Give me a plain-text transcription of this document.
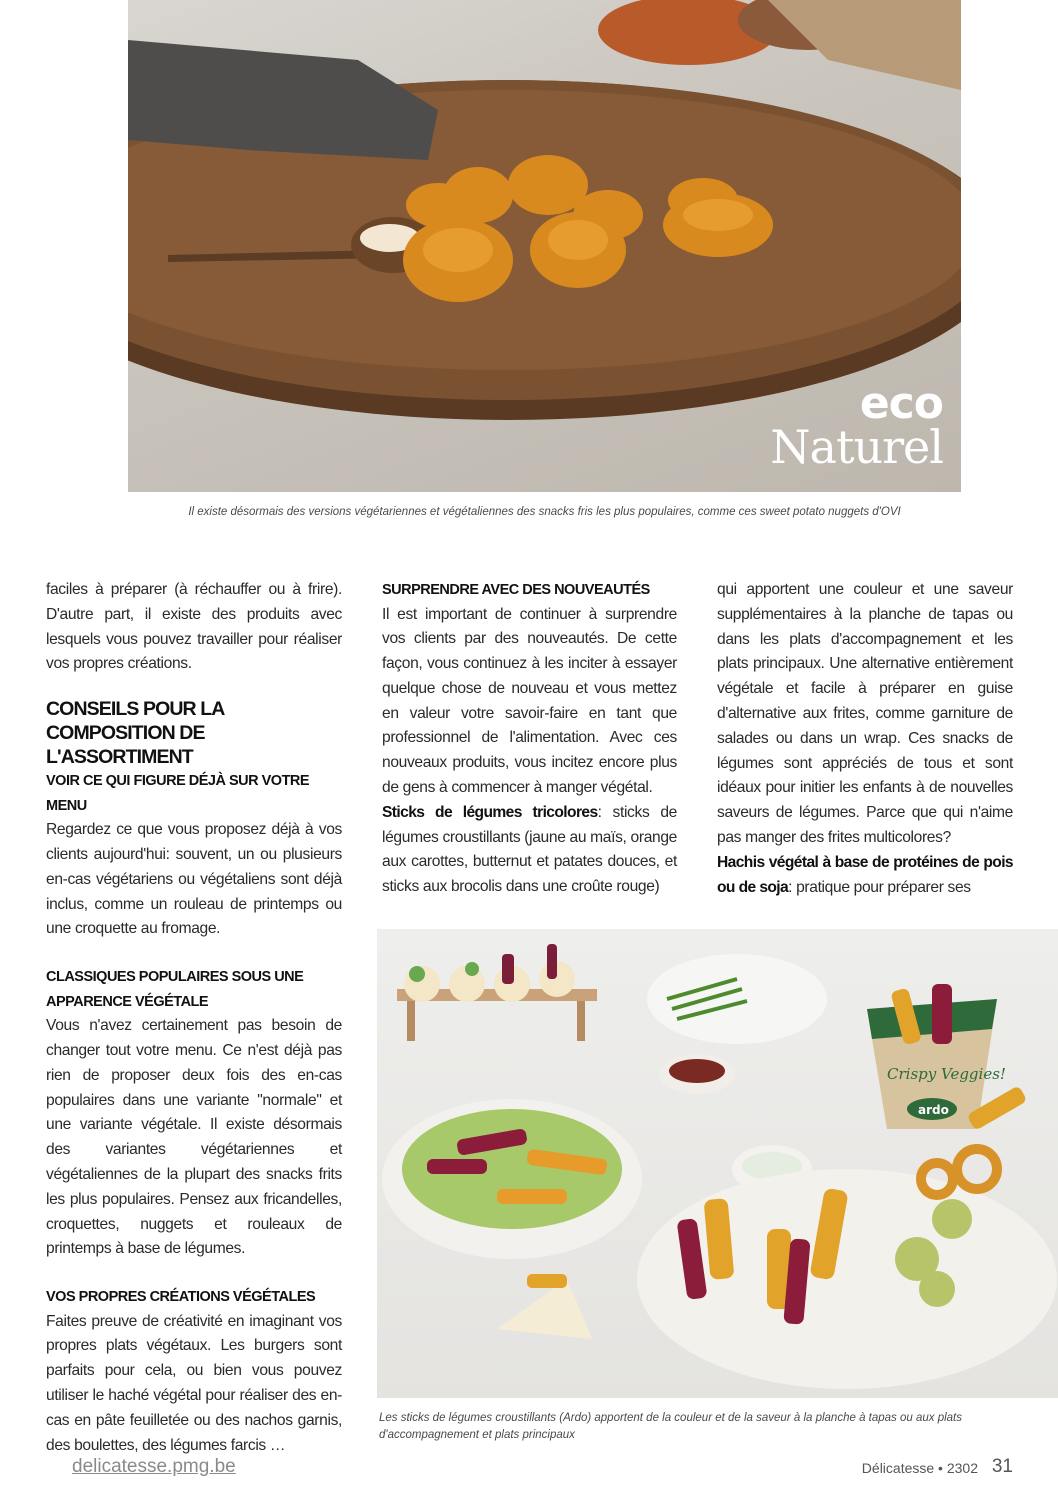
eco
Naturel
Il existe désormais des versions végétariennes et végétaliennes des snacks fris les plus populaires, comme ces sweet potato nuggets d'OVI

faciles à préparer (à réchauffer ou à frire). D'autre part, il existe des produits avec lesquels vous pouvez travailler pour réaliser vos propres créations.

CONSEILS POUR LA COMPOSITION DE L'ASSORTIMENT
VOIR CE QUI FIGURE DÉJÀ SUR VOTRE MENU

Regardez ce que vous proposez déjà à vos clients aujourd'hui: souvent, un ou plusieurs en-cas végétariens ou végétaliens sont déjà inclus, comme un rouleau de printemps ou une croquette au fromage.

CLASSIQUES POPULAIRES SOUS UNE APPARENCE VÉGÉTALE

Vous n'avez certainement pas besoin de changer tout votre menu. Ce n'est déjà pas rien de proposer deux fois des en-cas populaires dans une variante "normale" et une variante végétale. Il existe désormais des variantes végétariennes et végétaliennes de la plupart des snacks frits les plus populaires. Pensez aux fricandelles, croquettes, nuggets et rouleaux de printemps à base de légumes.

VOS PROPRES CRÉATIONS VÉGÉTALES

Faites preuve de créativité en imaginant vos propres plats végétaux. Les burgers sont parfaits pour cela, ou bien vous pouvez utiliser le haché végétal pour réaliser des en-cas en pâte feuilletée ou des nachos garnis, des boulettes, des légumes farcis …

SURPRENDRE AVEC DES NOUVEAUTÉS

Il est important de continuer à surprendre vos clients par des nouveautés. De cette façon, vous continuez à les inciter à essayer quelque chose de nouveau et vous mettez en valeur votre savoir-faire en tant que professionnel de l'alimentation. Avec ces nouveaux produits, vous incitez encore plus de gens à commencer à manger végétal.

Sticks de légumes tricolores: sticks de légumes croustillants (jaune au maïs, orange aux carottes, butternut et patates douces, et sticks aux brocolis dans une croûte rouge)

qui apportent une couleur et une saveur supplémentaires à la planche de tapas ou dans les plats d'accompagnement et les plats principaux. Une alternative entièrement végétale et facile à préparer en guise d'alternative aux frites, comme garniture de salades ou dans un wrap. Ces snacks de légumes sont appréciés de tous et sont idéaux pour initier les enfants à de nouvelles saveurs de légumes. Parce que qui n'aime pas manger des frites multicolores?

Hachis végétal à base de protéines de pois ou de soja: pratique pour préparer ses

Crispy Veggies!
ardo
Les sticks de légumes croustillants (Ardo) apportent de la couleur et de la saveur à la planche à tapas ou aux plats d'accompagnement et plats principaux
delicatesse.pmg.be	Délicatesse • 2302 31
